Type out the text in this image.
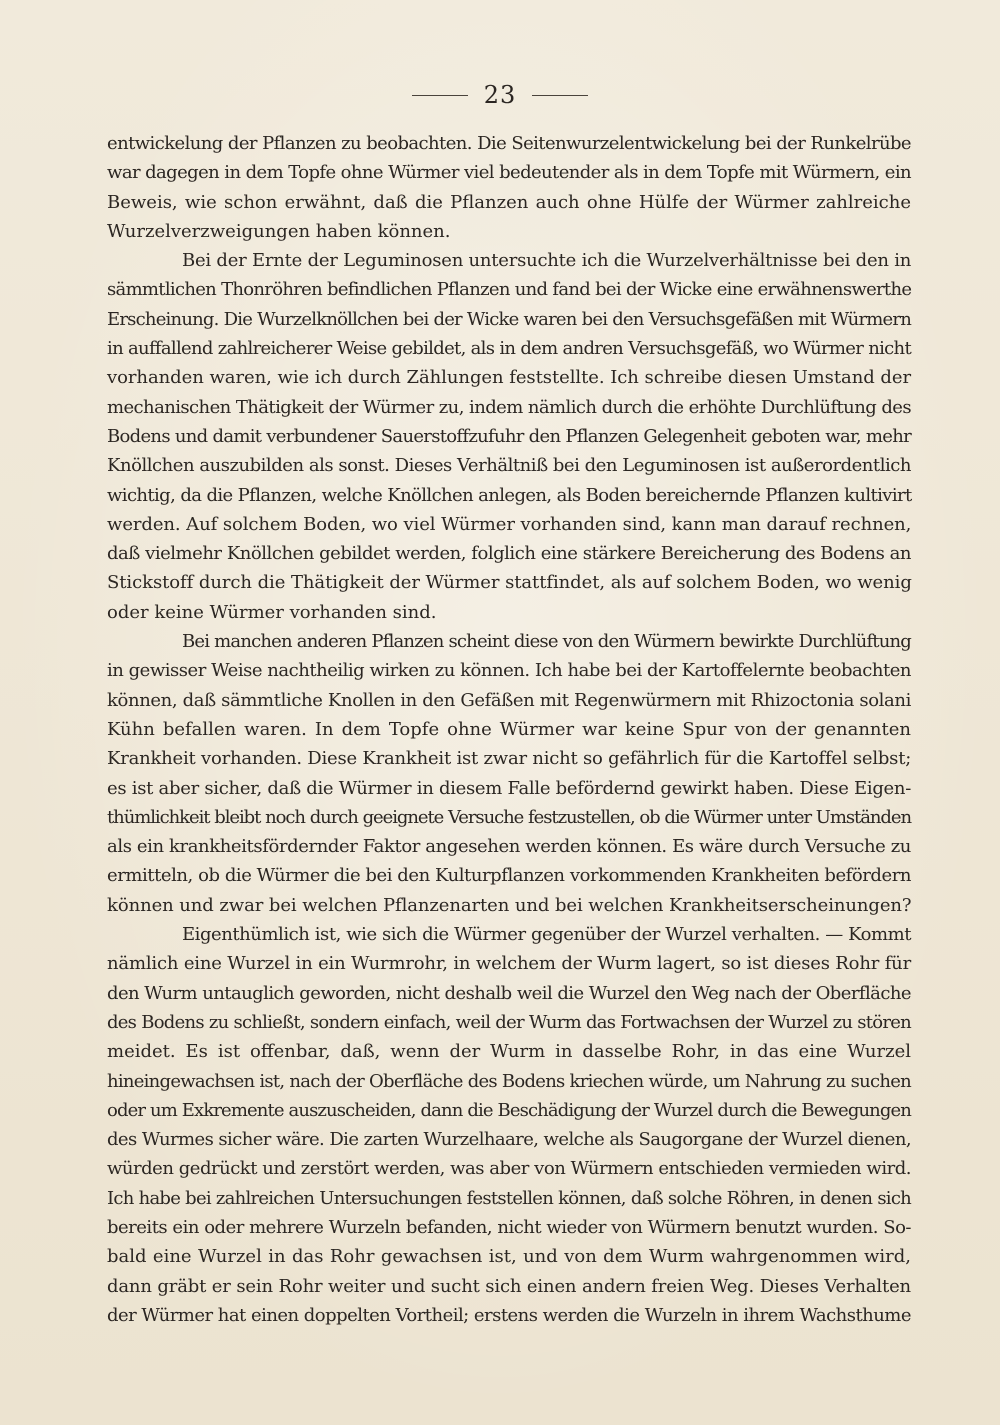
23
entwickelung der Pflanzen zu beobachten. Die Seitenwurzelentwickelung bei der Runkelrübe
war dagegen in dem Topfe ohne Würmer viel bedeutender als in dem Topfe mit Würmern, ein
Beweis, wie schon erwähnt, daß die Pflanzen auch ohne Hülfe der Würmer zahlreiche
Wurzelverzweigungen haben können.
Bei der Ernte der Leguminosen untersuchte ich die Wurzelverhältnisse bei den in
sämmtlichen Thonröhren befindlichen Pflanzen und fand bei der Wicke eine erwähnenswerthe
Erscheinung. Die Wurzelknöllchen bei der Wicke waren bei den Versuchsgefäßen mit Würmern
in auffallend zahlreicherer Weise gebildet, als in dem andren Versuchsgefäß, wo Würmer nicht
vorhanden waren, wie ich durch Zählungen feststellte. Ich schreibe diesen Umstand der
mechanischen Thätigkeit der Würmer zu, indem nämlich durch die erhöhte Durchlüftung des
Bodens und damit verbundener Sauerstoffzufuhr den Pflanzen Gelegenheit geboten war, mehr
Knöllchen auszubilden als sonst. Dieses Verhältniß bei den Leguminosen ist außerordentlich
wichtig, da die Pflanzen, welche Knöllchen anlegen, als Boden bereichernde Pflanzen kultivirt
werden. Auf solchem Boden, wo viel Würmer vorhanden sind, kann man darauf rechnen,
daß vielmehr Knöllchen gebildet werden, folglich eine stärkere Bereicherung des Bodens an
Stickstoff durch die Thätigkeit der Würmer stattfindet, als auf solchem Boden, wo wenig
oder keine Würmer vorhanden sind.
Bei manchen anderen Pflanzen scheint diese von den Würmern bewirkte Durchlüftung
in gewisser Weise nachtheilig wirken zu können. Ich habe bei der Kartoffelernte beobachten
können, daß sämmtliche Knollen in den Gefäßen mit Regenwürmern mit Rhizoctonia solani
Kühn befallen waren. In dem Topfe ohne Würmer war keine Spur von der genannten
Krankheit vorhanden. Diese Krankheit ist zwar nicht so gefährlich für die Kartoffel selbst;
es ist aber sicher, daß die Würmer in diesem Falle befördernd gewirkt haben. Diese Eigen-
thümlichkeit bleibt noch durch geeignete Versuche festzustellen, ob die Würmer unter Umständen
als ein krankheitsfördernder Faktor angesehen werden können. Es wäre durch Versuche zu
ermitteln, ob die Würmer die bei den Kulturpflanzen vorkommenden Krankheiten befördern
können und zwar bei welchen Pflanzenarten und bei welchen Krankheitserscheinungen?
Eigenthümlich ist, wie sich die Würmer gegenüber der Wurzel verhalten. — Kommt
nämlich eine Wurzel in ein Wurmrohr, in welchem der Wurm lagert, so ist dieses Rohr für
den Wurm untauglich geworden, nicht deshalb weil die Wurzel den Weg nach der Oberfläche
des Bodens zu schließt, sondern einfach, weil der Wurm das Fortwachsen der Wurzel zu stören
meidet. Es ist offenbar, daß, wenn der Wurm in dasselbe Rohr, in das eine Wurzel
hineingewachsen ist, nach der Oberfläche des Bodens kriechen würde, um Nahrung zu suchen
oder um Exkremente auszuscheiden, dann die Beschädigung der Wurzel durch die Bewegungen
des Wurmes sicher wäre. Die zarten Wurzelhaare, welche als Saugorgane der Wurzel dienen,
würden gedrückt und zerstört werden, was aber von Würmern entschieden vermieden wird.
Ich habe bei zahlreichen Untersuchungen feststellen können, daß solche Röhren, in denen sich
bereits ein oder mehrere Wurzeln befanden, nicht wieder von Würmern benutzt wurden. So-
bald eine Wurzel in das Rohr gewachsen ist, und von dem Wurm wahrgenommen wird,
dann gräbt er sein Rohr weiter und sucht sich einen andern freien Weg. Dieses Verhalten
der Würmer hat einen doppelten Vortheil; erstens werden die Wurzeln in ihrem Wachsthume
